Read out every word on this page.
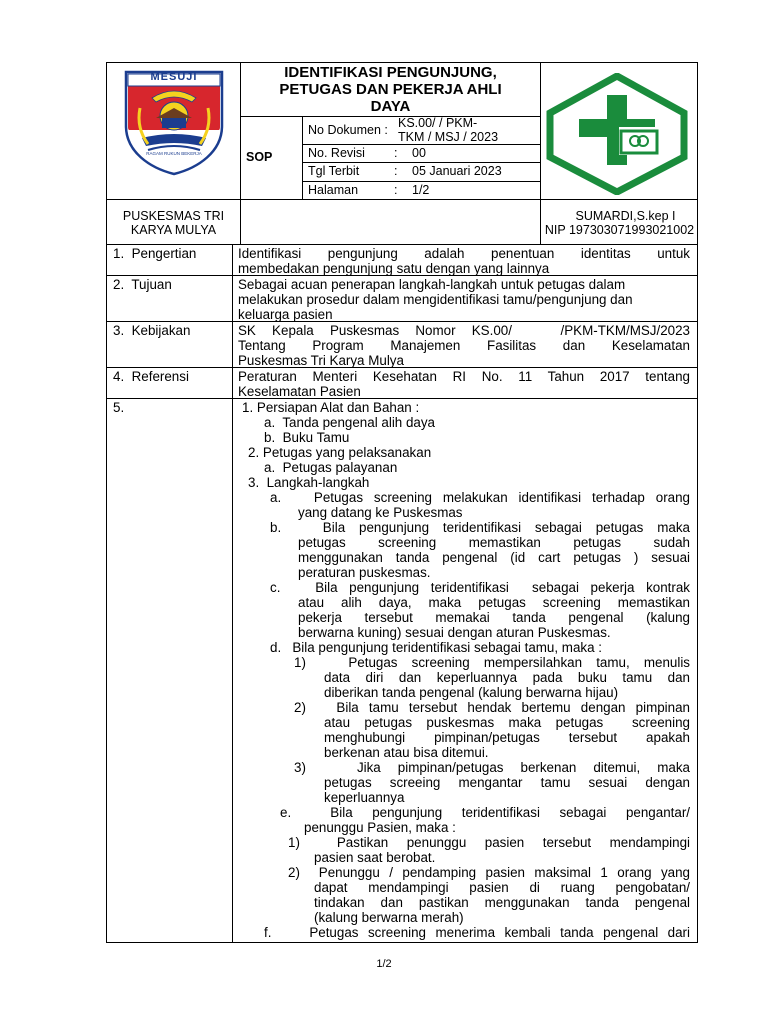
MESUJI
RAGAM RUKUN BEKERJA
IDENTIFIKASI PENGUNJUNG,
PETUGAS DAN PEKERJA AHLI
DAYA
SOP
No Dokumen : KS.00/ / PKM-
TKM / MSJ / 2023
No. Revisi : 00
Tgl Terbit	: 05 Januari 2023
Halaman	: 1/2
PUSKESMAS TRI
KARYA MULYA
SUMARDI,S.kep I
NIP 197303071993021002
1.  Pengertian	Identifikasi  pengunjung  adalah  penentuan  identitas  untuk
membedakan pengunjung satu dengan yang lainnya
2.  Tujuan	Sebagai acuan penerapan langkah-langkah untuk petugas dalam
melakukan prosedur dalam mengidentifikasi tamu/pengunjung dan
keluarga pasien
3.  Kebijakan	SK  Kepala  Puskesmas  Nomor  KS.00/      /PKM-TKM/MSJ/2023
Tentang   Program   Manajemen   Fasilitas   dan   Keselamatan
Puskesmas Tri Karya Mulya
4.  Referensi	Peraturan  Menteri  Kesehatan  RI  No.  11  Tahun  2017  tentang
Keselamatan Pasien
5.	1. Persiapan Alat dan Bahan :
a.  Tanda pengenal alih daya
b.  Buku Tamu
2. Petugas yang pelaksanakan
a.  Petugas palayanan
3.  Langkah-langkah
a.   Petugas screening melakukan identifikasi terhadap orang
yang datang ke Puskesmas
b.   Bila pengunjung teridentifikasi sebagai petugas maka
petugas screening memastikan petugas sudah
menggunakan tanda pengenal (id cart petugas ) sesuai
peraturan puskesmas.
c.   Bila pengunjung teridentifikasi  sebagai pekerja kontrak
atau alih daya, maka petugas screening memastikan
pekerja tersebut memakai tanda pengenal (kalung
berwarna kuning) sesuai dengan aturan Puskesmas.
d.   Bila pengunjung teridentifikasi sebagai tamu, maka :
1)   Petugas screening mempersilahkan tamu, menulis
data diri dan keperluannya pada buku tamu dan
diberikan tanda pengenal (kalung berwarna hijau)
2)   Bila tamu tersebut hendak bertemu dengan pimpinan
atau petugas puskesmas maka petugas  screening
menghubungi pimpinan/petugas tersebut apakah
berkenan atau bisa ditemui.
3)   Jika pimpinan/petugas berkenan ditemui, maka
petugas screeing mengantar tamu sesuai dengan
keperluannya
e.  Bila pengunjung teridentifikasi sebagai pengantar/
penunggu Pasien, maka :
1)  Pastikan penunggu pasien tersebut mendampingi
pasien saat berobat.
2)  Penunggu / pendamping pasien maksimal 1 orang yang
dapat mendampingi pasien di ruang pengobatan/
tindakan dan pastikan menggunakan tanda pengenal
(kalung berwarna merah)
f.    Petugas screening menerima kembali tanda pengenal dari
1/2
